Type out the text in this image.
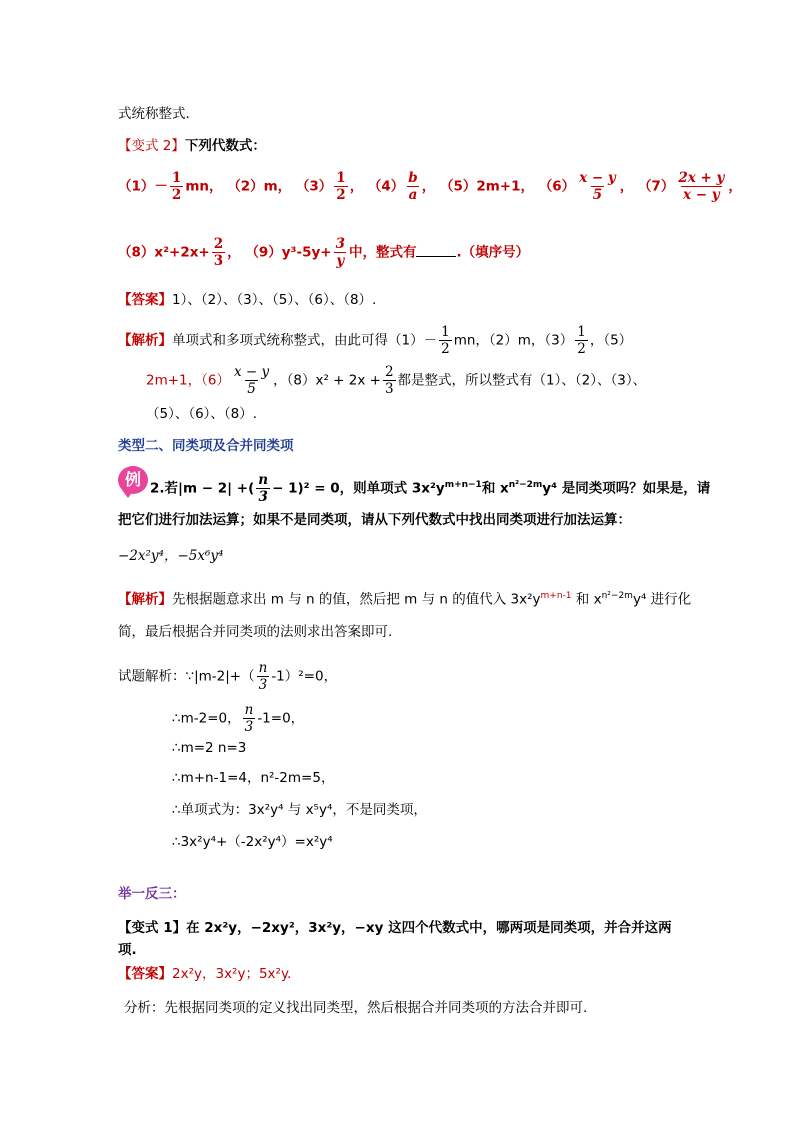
式统称整式.
【变式 2】下列代数式：
$(1)- \frac{1}{2}$ mn， （2）m， $(3) \frac{1}{2}$ ， $(4) \frac{b}{a}$ ， （5）2m+1， $(6) \frac{x - y}{5}$ ， $(7) \frac{2x + y}{x - y}$ ，
$(8)x^2+2x+ \frac{2}{3}$ ， $(9)y^3-5y+ \frac{3}{y}$ 中，整式有	.（填序号）
【答案】1）、（2）、（3）、（5）、（6）、（8）.
【解析】单项式和多项式统称整式，由此可得$(1)- \frac{1}{2}$ mn，（2）m，$(3) \frac{1}{2}$ ，（5）
2m+1，$(6) \frac{x - y}{5}$ ，$(8)x^2 + 2x + \frac{2}{3}$ 都是整式，所以整式有（1）、（2）、（3）、
（5）、（6）、（8）.
类型二、同类项及合并同类项
例 2.若|m − 2| +( $\frac{n}{3} - 1)^2 = 0$，则单项式 $3x^2y^{m+n-1}$和 $x^{n^2-2m}y^4$ 是同类项吗？如果是，请
把它们进行加法运算；如果不是同类项，请从下列代数式中找出同类项进行加法运算：
−2x²y⁴，−5x⁶y⁴
【解析】先根据题意求出 m 与 n 的值，然后把 m 与 n 的值代入 $3x^2y^{m+n-1}$ 和 $x^{n^2-2m}y^4$ 进行化
简，最后根据合并同类项的法则求出答案即可.
试题解析：∵|m-2|+（ $\frac{n}{3} -1)^2=0$，
∴m-2=0， $\frac{n}{3} -1=0$，
∴m=2 n=3
∴m+n-1=4，n²-2m=5，
∴单项式为：3x²y⁴ 与 x⁵y⁴，不是同类项，
∴3x²y⁴+（-2x²y⁴）=x²y⁴
举一反三：
【变式 1】在 2x²y，−2xy²，3x²y，−xy 这四个代数式中，哪两项是同类项，并合并这两
项.
【答案】2x²y，3x²y；5x²y.
分析：先根据同类项的定义找出同类型，然后根据合并同类项的方法合并即可.
